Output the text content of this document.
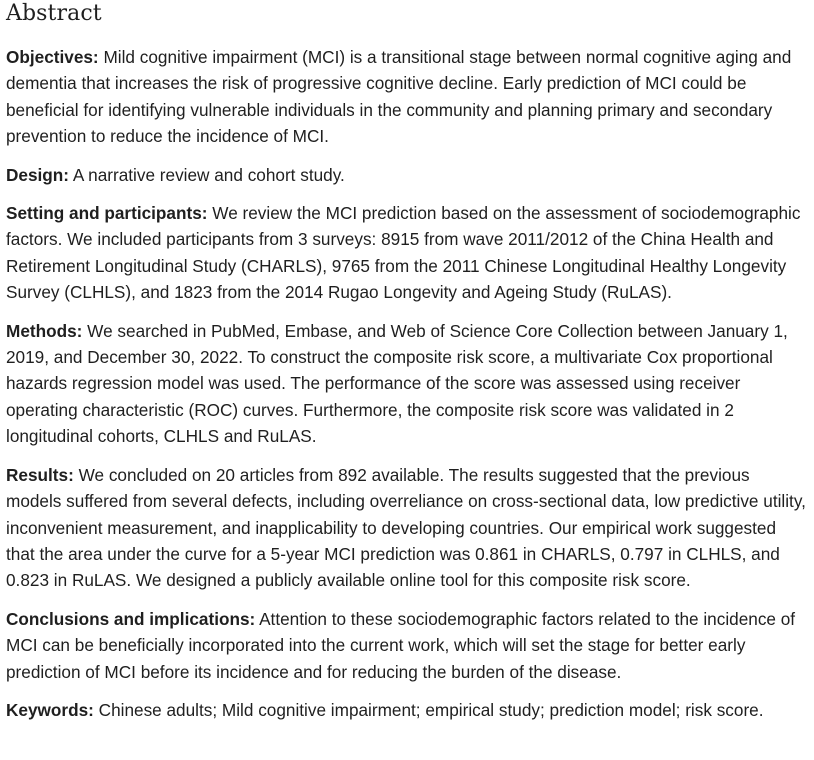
Abstract

Objectives: Mild cognitive impairment (MCI) is a transitional stage between normal cognitive aging and dementia that increases the risk of progressive cognitive decline. Early prediction of MCI could be beneficial for identifying vulnerable individuals in the community and planning primary and secondary prevention to reduce the incidence of MCI.

Design: A narrative review and cohort study.

Setting and participants: We review the MCI prediction based on the assessment of sociodemographic factors. We included participants from 3 surveys: 8915 from wave 2011/2012 of the China Health and Retirement Longitudinal Study (CHARLS), 9765 from the 2011 Chinese Longitudinal Healthy Longevity Survey (CLHLS), and 1823 from the 2014 Rugao Longevity and Ageing Study (RuLAS).

Methods: We searched in PubMed, Embase, and Web of Science Core Collection between January 1, 2019, and December 30, 2022. To construct the composite risk score, a multivariate Cox proportional hazards regression model was used. The performance of the score was assessed using receiver operating characteristic (ROC) curves. Furthermore, the composite risk score was validated in 2 longitudinal cohorts, CLHLS and RuLAS.

Results: We concluded on 20 articles from 892 available. The results suggested that the previous models suffered from several defects, including overreliance on cross-sectional data, low predictive utility, inconvenient measurement, and inapplicability to developing countries. Our empirical work suggested that the area under the curve for a 5-year MCI prediction was 0.861 in CHARLS, 0.797 in CLHLS, and 0.823 in RuLAS. We designed a publicly available online tool for this composite risk score.

Conclusions and implications: Attention to these sociodemographic factors related to the incidence of MCI can be beneficially incorporated into the current work, which will set the stage for better early prediction of MCI before its incidence and for reducing the burden of the disease.

Keywords: Chinese adults; Mild cognitive impairment; empirical study; prediction model; risk score.
